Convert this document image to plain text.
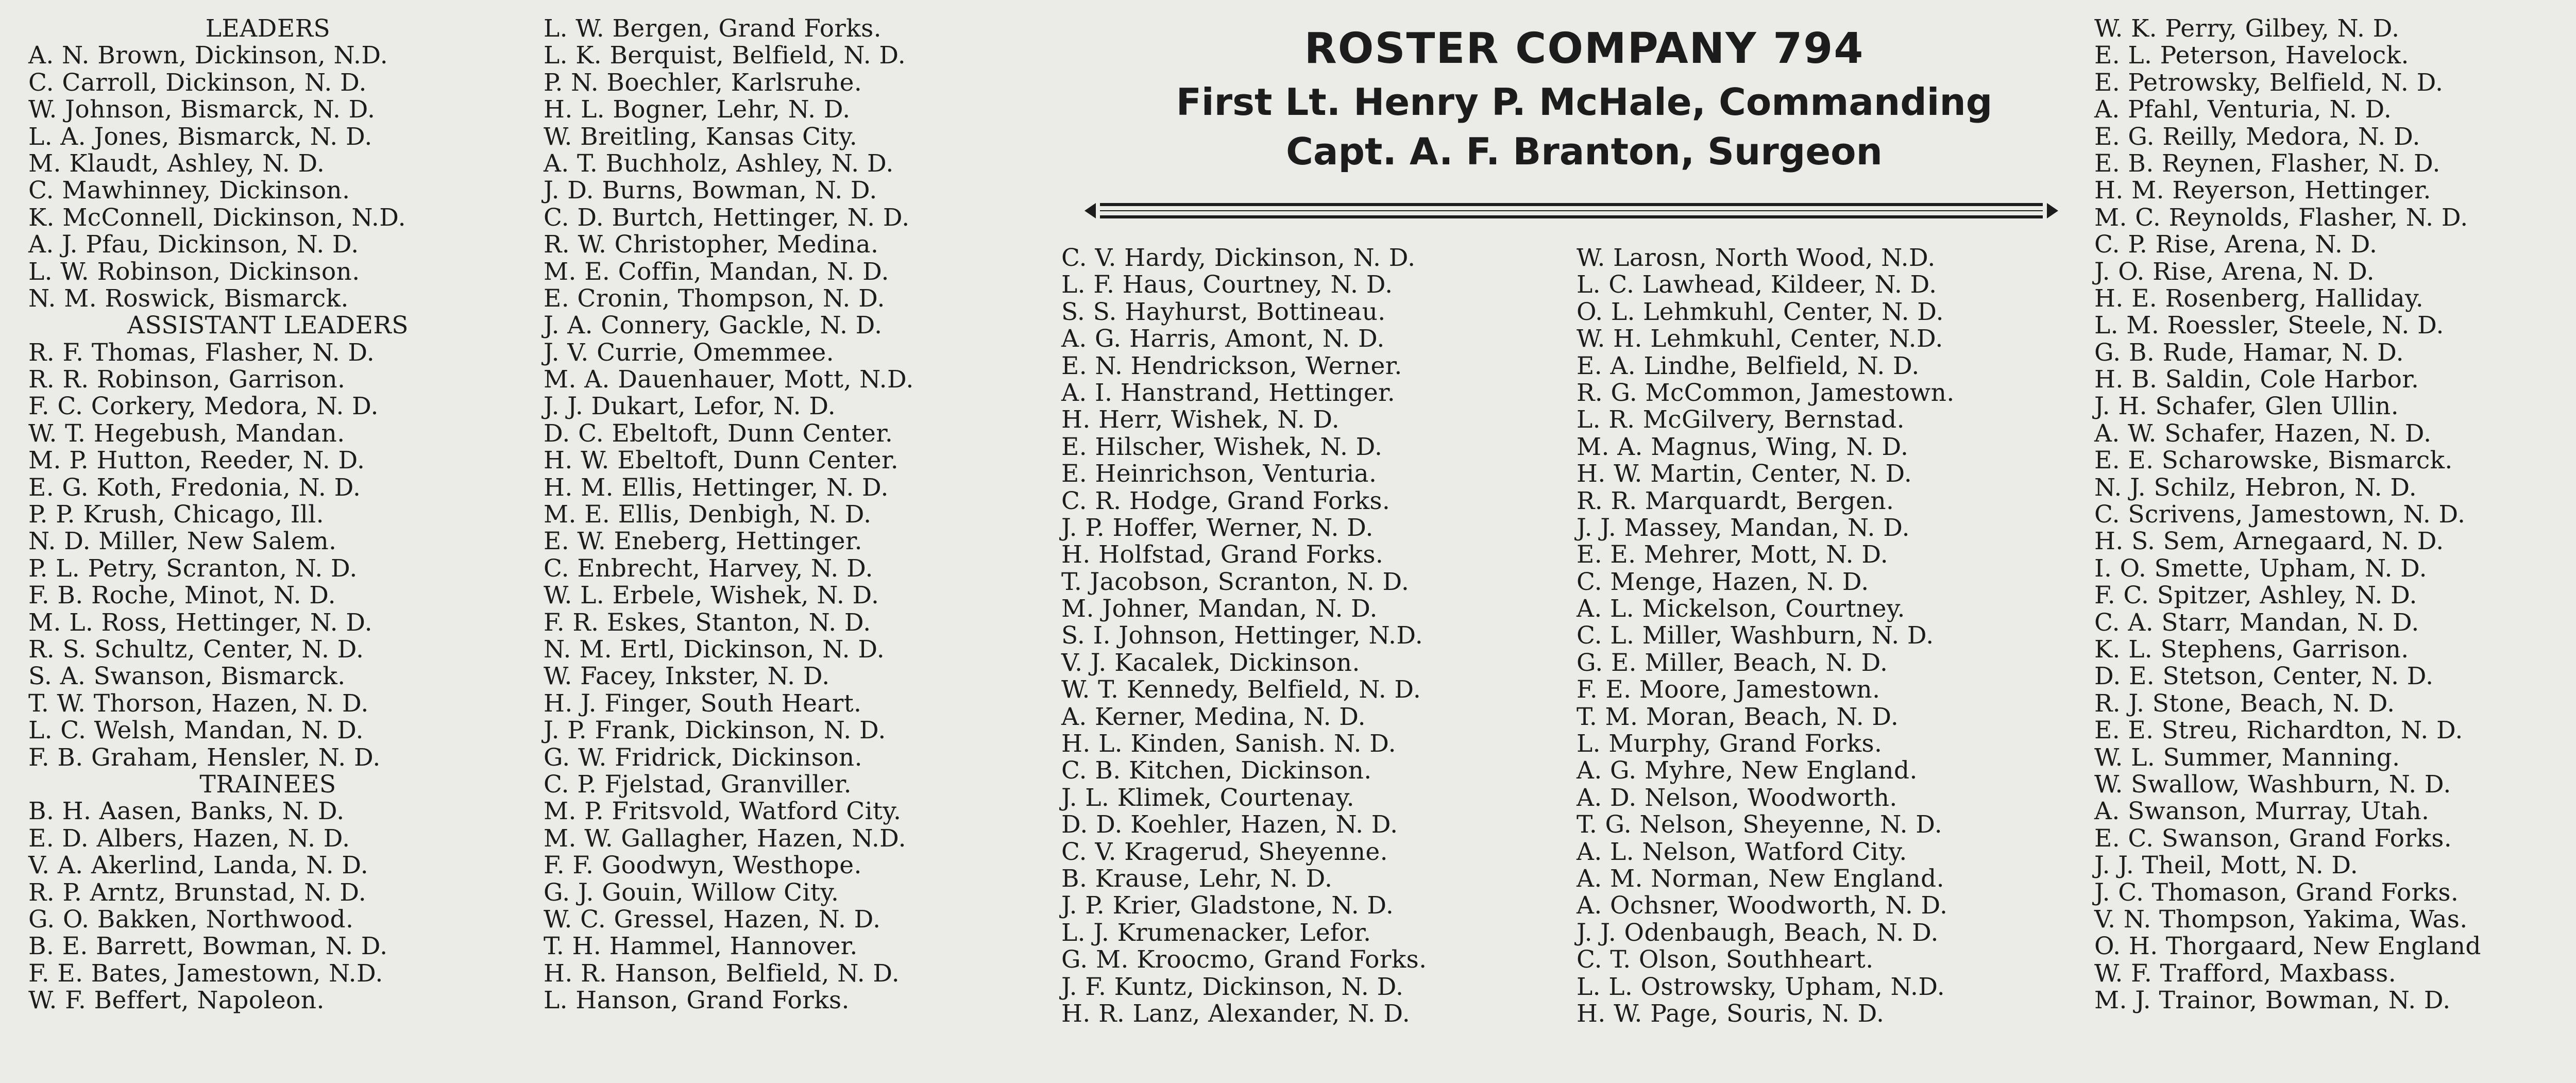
ROSTER COMPANY 794
First Lt. Henry P. McHale, Commanding
Capt. A. F. Branton, Surgeon
LEADERS
A. N. Brown, Dickinson, N.D.
C. Carroll, Dickinson, N. D.
W. Johnson, Bismarck, N. D.
L. A. Jones, Bismarck, N. D.
M. Klaudt, Ashley, N. D.
C. Mawhinney, Dickinson.
K. McConnell, Dickinson, N.D.
A. J. Pfau, Dickinson, N. D.
L. W. Robinson, Dickinson.
N. M. Roswick, Bismarck.
ASSISTANT LEADERS
R. F. Thomas, Flasher, N. D.
R. R. Robinson, Garrison.
F. C. Corkery, Medora, N. D.
W. T. Hegebush, Mandan.
M. P. Hutton, Reeder, N. D.
E. G. Koth, Fredonia, N. D.
P. P. Krush, Chicago, Ill.
N. D. Miller, New Salem.
P. L. Petry, Scranton, N. D.
F. B. Roche, Minot, N. D.
M. L. Ross, Hettinger, N. D.
R. S. Schultz, Center, N. D.
S. A. Swanson, Bismarck.
T. W. Thorson, Hazen, N. D.
L. C. Welsh, Mandan, N. D.
F. B. Graham, Hensler, N. D.
TRAINEES
B. H. Aasen, Banks, N. D.
E. D. Albers, Hazen, N. D.
V. A. Akerlind, Landa, N. D.
R. P. Arntz, Brunstad, N. D.
G. O. Bakken, Northwood.
B. E. Barrett, Bowman, N. D.
F. E. Bates, Jamestown, N.D.
W. F. Beffert, Napoleon.
L. W. Bergen, Grand Forks.
L. K. Berquist, Belfield, N. D.
P. N. Boechler, Karlsruhe.
H. L. Bogner, Lehr, N. D.
W. Breitling, Kansas City.
A. T. Buchholz, Ashley, N. D.
J. D. Burns, Bowman, N. D.
C. D. Burtch, Hettinger, N. D.
R. W. Christopher, Medina.
M. E. Coffin, Mandan, N. D.
E. Cronin, Thompson, N. D.
J. A. Connery, Gackle, N. D.
J. V. Currie, Omemmee.
M. A. Dauenhauer, Mott, N.D.
J. J. Dukart, Lefor, N. D.
D. C. Ebeltoft, Dunn Center.
H. W. Ebeltoft, Dunn Center.
H. M. Ellis, Hettinger, N. D.
M. E. Ellis, Denbigh, N. D.
E. W. Eneberg, Hettinger.
C. Enbrecht, Harvey, N. D.
W. L. Erbele, Wishek, N. D.
F. R. Eskes, Stanton, N. D.
N. M. Ertl, Dickinson, N. D.
W. Facey, Inkster, N. D.
H. J. Finger, South Heart.
J. P. Frank, Dickinson, N. D.
G. W. Fridrick, Dickinson.
C. P. Fjelstad, Granviller.
M. P. Fritsvold, Watford City.
M. W. Gallagher, Hazen, N.D.
F. F. Goodwyn, Westhope.
G. J. Gouin, Willow City.
W. C. Gressel, Hazen, N. D.
T. H. Hammel, Hannover.
H. R. Hanson, Belfield, N. D.
L. Hanson, Grand Forks.
C. V. Hardy, Dickinson, N. D.
L. F. Haus, Courtney, N. D.
S. S. Hayhurst, Bottineau.
A. G. Harris, Amont, N. D.
E. N. Hendrickson, Werner.
A. I. Hanstrand, Hettinger.
H. Herr, Wishek, N. D.
E. Hilscher, Wishek, N. D.
E. Heinrichson, Venturia.
C. R. Hodge, Grand Forks.
J. P. Hoffer, Werner, N. D.
H. Holfstad, Grand Forks.
T. Jacobson, Scranton, N. D.
M. Johner, Mandan, N. D.
S. I. Johnson, Hettinger, N.D.
V. J. Kacalek, Dickinson.
W. T. Kennedy, Belfield, N. D.
A. Kerner, Medina, N. D.
H. L. Kinden, Sanish. N. D.
C. B. Kitchen, Dickinson.
J. L. Klimek, Courtenay.
D. D. Koehler, Hazen, N. D.
C. V. Kragerud, Sheyenne.
B. Krause, Lehr, N. D.
J. P. Krier, Gladstone, N. D.
L. J. Krumenacker, Lefor.
G. M. Kroocmo, Grand Forks.
J. F. Kuntz, Dickinson, N. D.
H. R. Lanz, Alexander, N. D.
W. Larosn, North Wood, N.D.
L. C. Lawhead, Kildeer, N. D.
O. L. Lehmkuhl, Center, N. D.
W. H. Lehmkuhl, Center, N.D.
E. A. Lindhe, Belfield, N. D.
R. G. McCommon, Jamestown.
L. R. McGilvery, Bernstad.
M. A. Magnus, Wing, N. D.
H. W. Martin, Center, N. D.
R. R. Marquardt, Bergen.
J. J. Massey, Mandan, N. D.
E. E. Mehrer, Mott, N. D.
C. Menge, Hazen, N. D.
A. L. Mickelson, Courtney.
C. L. Miller, Washburn, N. D.
G. E. Miller, Beach, N. D.
F. E. Moore, Jamestown.
T. M. Moran, Beach, N. D.
L. Murphy, Grand Forks.
A. G. Myhre, New England.
A. D. Nelson, Woodworth.
T. G. Nelson, Sheyenne, N. D.
A. L. Nelson, Watford City.
A. M. Norman, New England.
A. Ochsner, Woodworth, N. D.
J. J. Odenbaugh, Beach, N. D.
C. T. Olson, Southheart.
L. L. Ostrowsky, Upham, N.D.
H. W. Page, Souris, N. D.
W. K. Perry, Gilbey, N. D.
E. L. Peterson, Havelock.
E. Petrowsky, Belfield, N. D.
A. Pfahl, Venturia, N. D.
E. G. Reilly, Medora, N. D.
E. B. Reynen, Flasher, N. D.
H. M. Reyerson, Hettinger.
M. C. Reynolds, Flasher, N. D.
C. P. Rise, Arena, N. D.
J. O. Rise, Arena, N. D.
H. E. Rosenberg, Halliday.
L. M. Roessler, Steele, N. D.
G. B. Rude, Hamar, N. D.
H. B. Saldin, Cole Harbor.
J. H. Schafer, Glen Ullin.
A. W. Schafer, Hazen, N. D.
E. E. Scharowske, Bismarck.
N. J. Schilz, Hebron, N. D.
C. Scrivens, Jamestown, N. D.
H. S. Sem, Arnegaard, N. D.
I. O. Smette, Upham, N. D.
F. C. Spitzer, Ashley, N. D.
C. A. Starr, Mandan, N. D.
K. L. Stephens, Garrison.
D. E. Stetson, Center, N. D.
R. J. Stone, Beach, N. D.
E. E. Streu, Richardton, N. D.
W. L. Summer, Manning.
W. Swallow, Washburn, N. D.
A. Swanson, Murray, Utah.
E. C. Swanson, Grand Forks.
J. J. Theil, Mott, N. D.
J. C. Thomason, Grand Forks.
V. N. Thompson, Yakima, Was.
O. H. Thorgaard, New England
W. F. Trafford, Maxbass.
M. J. Trainor, Bowman, N. D.
